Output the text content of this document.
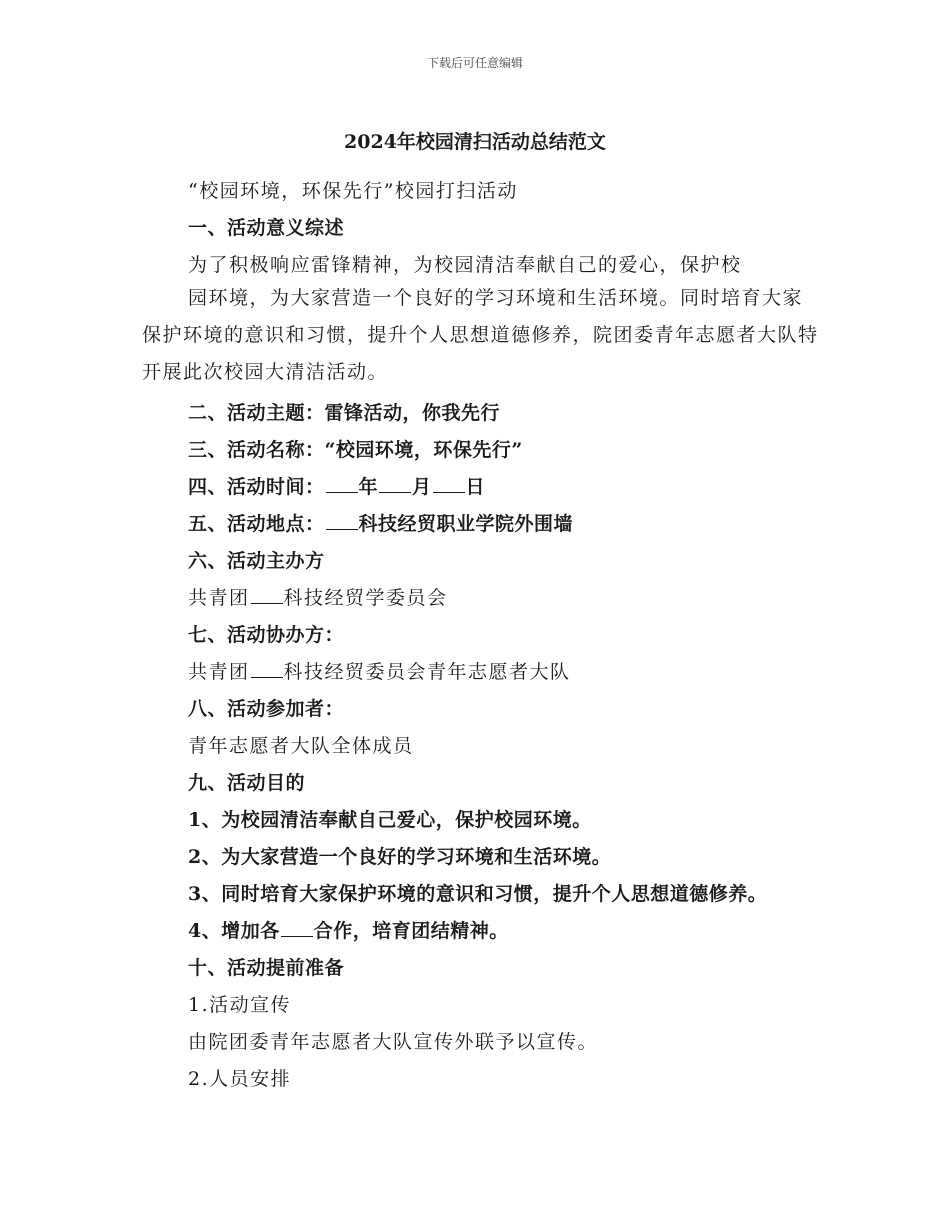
下载后可任意编辑
2024年校园清扫活动总结范文
“校园环境，环保先行”校园打扫活动
一、活动意义综述
为了积极响应雷锋精神，为校园清洁奉献自己的爱心，保护校
园环境，为大家营造一个良好的学习环境和生活环境。同时培育大家保护环境的意识和习惯，提升个人思想道德修养，院团委青年志愿者大队特开展此次校园大清洁活动。
二、活动主题：雷锋活动，你我先行
三、活动名称：“校园环境，环保先行”
四、活动时间： 年 月 日
五、活动地点： 科技经贸职业学院外围墙
六、活动主办方
共青团 科技经贸学委员会
七、活动协办方：
共青团 科技经贸委员会青年志愿者大队
八、活动参加者：
青年志愿者大队全体成员
九、活动目的
1、为校园清洁奉献自己爱心，保护校园环境。
2、为大家营造一个良好的学习环境和生活环境。
3、同时培育大家保护环境的意识和习惯，提升个人思想道德修养。
4、增加各 合作，培育团结精神。
十、活动提前准备
1.活动宣传
由院团委青年志愿者大队宣传外联予以宣传。
2.人员安排
